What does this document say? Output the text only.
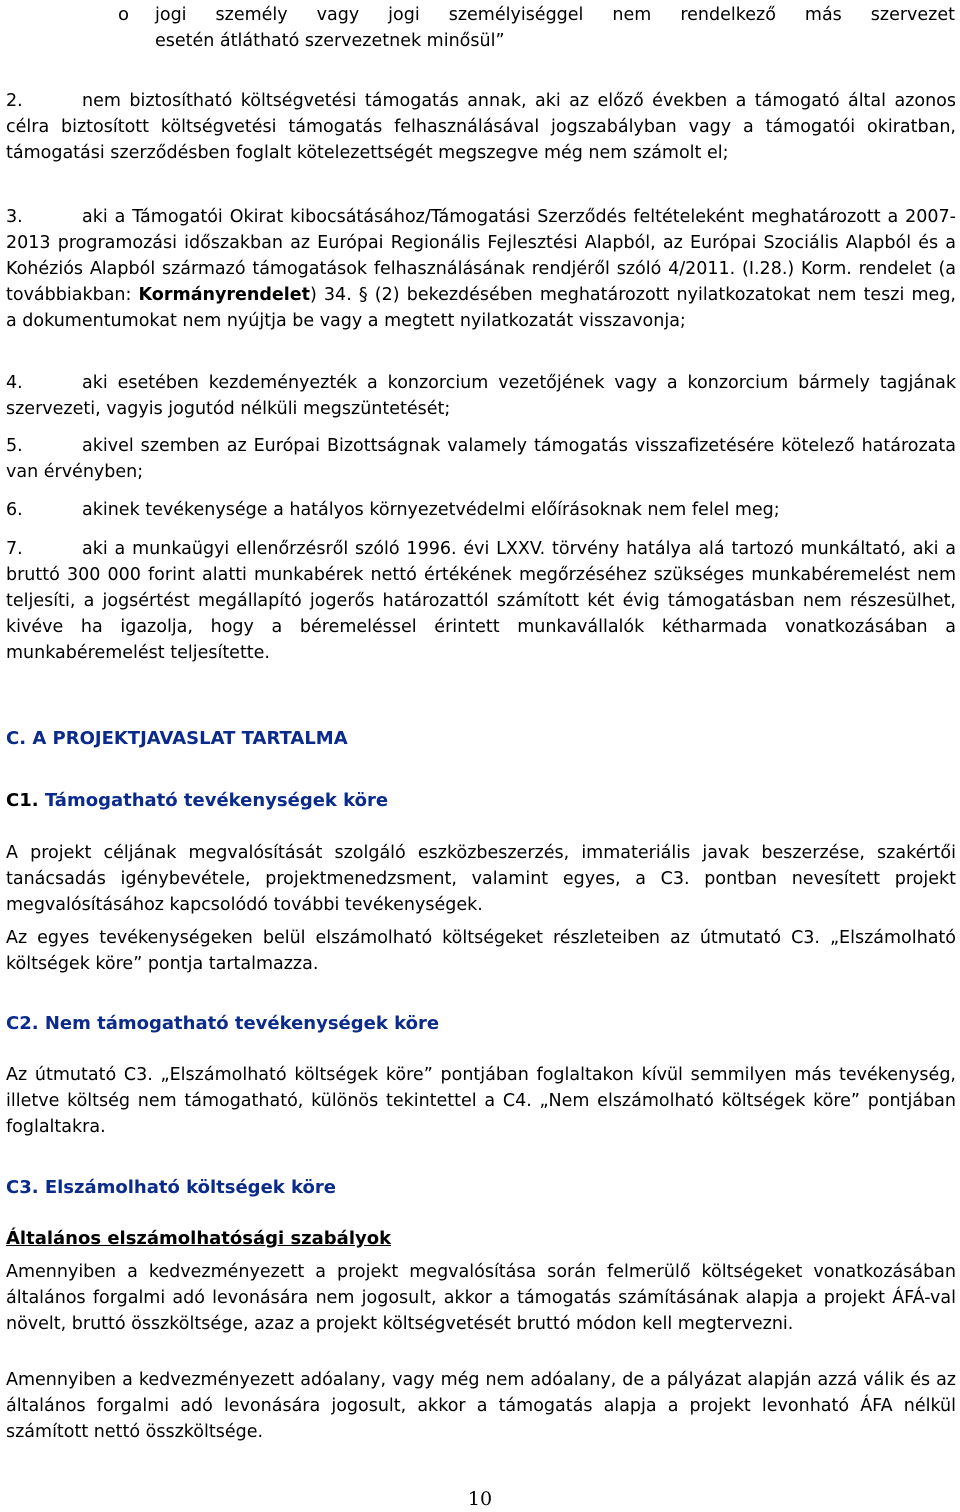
o jogi személy vagy jogi személyiséggel nem rendelkező más szervezet
esetén átlátható szervezetnek minősül”
2.	nem biztosítható költségvetési támogatás annak, aki az előző években a támogató által azonos célra biztosított költségvetési támogatás felhasználásával jogszabályban vagy a támogatói okiratban, támogatási szerződésben foglalt kötelezettségét megszegve még nem számolt el;
3.	aki a Támogatói Okirat kibocsátásához/Támogatási Szerződés feltételeként meghatározott a 2007-2013 programozási időszakban az Európai Regionális Fejlesztési Alapból, az Európai Szociális Alapból és a Kohéziós Alapból származó támogatások felhasználásának rendjéről szóló 4/2011. (I.28.) Korm. rendelet (a továbbiakban: Kormányrendelet) 34. § (2) bekezdésében meghatározott nyilatkozatokat nem teszi meg, a dokumentumokat nem nyújtja be vagy a megtett nyilatkozatát visszavonja;
4.	aki esetében kezdeményezték a konzorcium vezetőjének vagy a konzorcium bármely tagjának szervezeti, vagyis jogutód nélküli megszüntetését;
5.	akivel szemben az Európai Bizottságnak valamely támogatás visszafizetésére kötelező határozata van érvényben;
6.	akinek tevékenysége a hatályos környezetvédelmi előírásoknak nem felel meg;
7.	aki a munkaügyi ellenőrzésről szóló 1996. évi LXXV. törvény hatálya alá tartozó munkáltató, aki a bruttó 300 000 forint alatti munkabérek nettó értékének megőrzéséhez szükséges munkabéremelést nem teljesíti, a jogsértést megállapító jogerős határozattól számított két évig támogatásban nem részesülhet, kivéve ha igazolja, hogy a béremeléssel érintett munkavállalók kétharmada vonatkozásában a munkabéremelést teljesítette.
C. A PROJEKTJAVASLAT TARTALMA
C1. Támogatható tevékenységek köre
A projekt céljának megvalósítását szolgáló eszközbeszerzés, immateriális javak beszerzése, szakértői tanácsadás igénybevétele, projektmenedzsment, valamint egyes, a C3. pontban nevesített projekt megvalósításához kapcsolódó további tevékenységek.
Az egyes tevékenységeken belül elszámolható költségeket részleteiben az útmutató C3. „Elszámolható költségek köre” pontja tartalmazza.
C2. Nem támogatható tevékenységek köre
Az útmutató C3. „Elszámolható költségek köre” pontjában foglaltakon kívül semmilyen más tevékenység, illetve költség nem támogatható, különös tekintettel a C4. „Nem elszámolható költségek köre” pontjában foglaltakra.
C3. Elszámolható költségek köre
Általános elszámolhatósági szabályok
Amennyiben a kedvezményezett a projekt megvalósítása során felmerülő költségeket vonatkozásában általános forgalmi adó levonására nem jogosult, akkor a támogatás számításának alapja a projekt ÁFÁ-val növelt, bruttó összköltsége, azaz a projekt költségvetését bruttó módon kell megtervezni.
Amennyiben a kedvezményezett adóalany, vagy még nem adóalany, de a pályázat alapján azzá válik és az általános forgalmi adó levonására jogosult, akkor a támogatás alapja a projekt levonható ÁFA nélkül számított nettó összköltsége.
10
